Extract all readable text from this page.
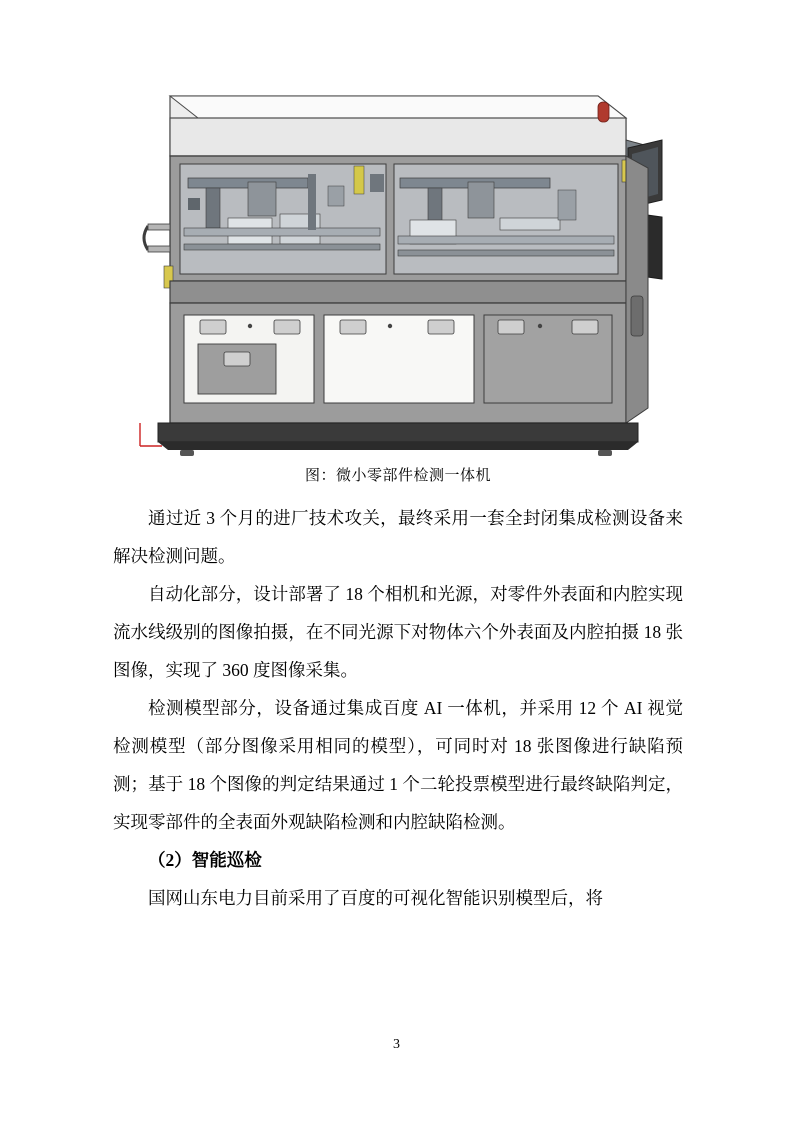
图：微小零部件检测一体机

通过近 3 个月的进厂技术攻关，最终采用一套全封闭集成检测设备来解决检测问题。

自动化部分，设计部署了 18 个相机和光源，对零件外表面和内腔实现流水线级别的图像拍摄，在不同光源下对物体六个外表面及内腔拍摄 18 张图像，实现了 360 度图像采集。

检测模型部分，设备通过集成百度 AI 一体机，并采用 12 个 AI 视觉检测模型（部分图像采用相同的模型），可同时对 18 张图像进行缺陷预测；基于 18 个图像的判定结果通过 1 个二轮投票模型进行最终缺陷判定，实现零部件的全表面外观缺陷检测和内腔缺陷检测。

（2）智能巡检

国网山东电力目前采用了百度的可视化智能识别模型后，将

3
